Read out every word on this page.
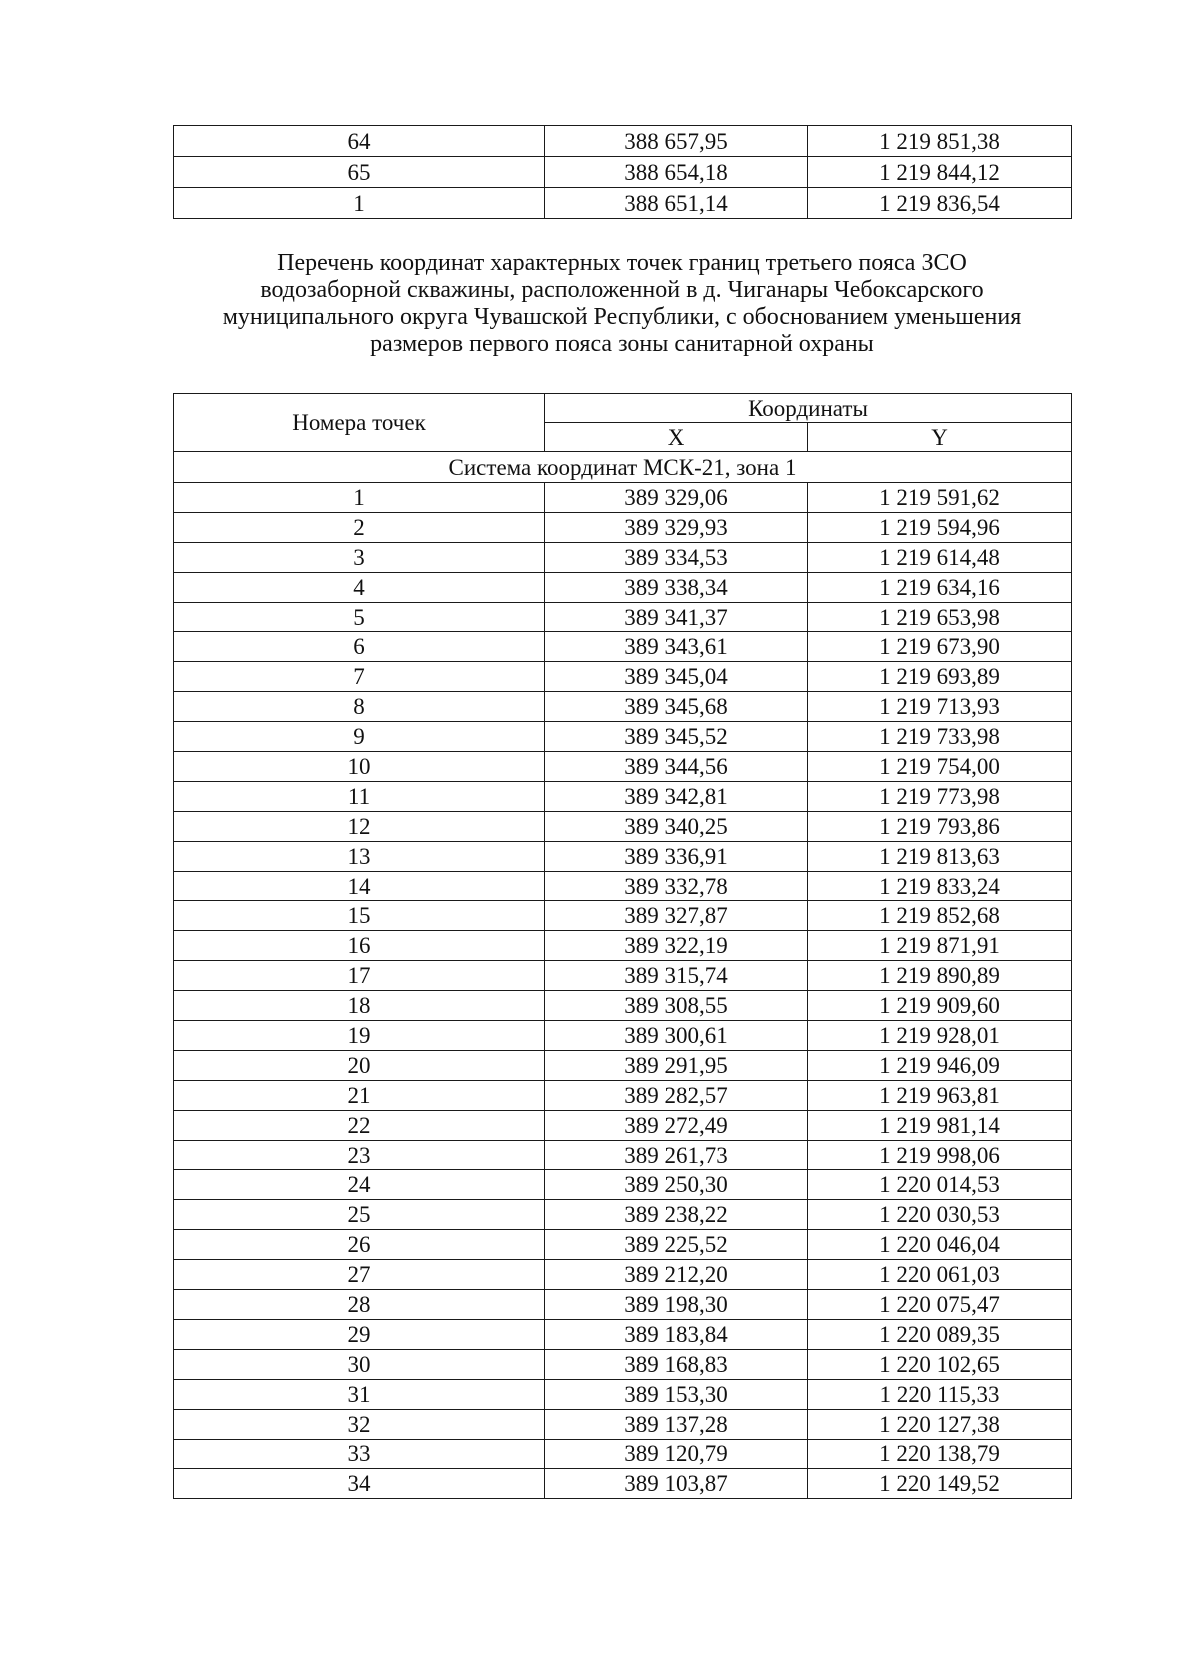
64	388 657,95	1 219 851,38
65	388 654,18	1 219 844,12
1	388 651,14	1 219 836,54
Перечень координат характерных точек границ третьего пояса ЗСО
водозаборной скважины, расположенной в д. Чиганары Чебоксарского
муниципального округа Чувашской Республики, с обоснованием уменьшения
размеров первого пояса зоны санитарной охраны
Номера точек	Координаты	
	X	Y
Система координат МСК-21, зона 1		
1	389 329,06	1 219 591,62
2	389 329,93	1 219 594,96
3	389 334,53	1 219 614,48
4	389 338,34	1 219 634,16
5	389 341,37	1 219 653,98
6	389 343,61	1 219 673,90
7	389 345,04	1 219 693,89
8	389 345,68	1 219 713,93
9	389 345,52	1 219 733,98
10	389 344,56	1 219 754,00
11	389 342,81	1 219 773,98
12	389 340,25	1 219 793,86
13	389 336,91	1 219 813,63
14	389 332,78	1 219 833,24
15	389 327,87	1 219 852,68
16	389 322,19	1 219 871,91
17	389 315,74	1 219 890,89
18	389 308,55	1 219 909,60
19	389 300,61	1 219 928,01
20	389 291,95	1 219 946,09
21	389 282,57	1 219 963,81
22	389 272,49	1 219 981,14
23	389 261,73	1 219 998,06
24	389 250,30	1 220 014,53
25	389 238,22	1 220 030,53
26	389 225,52	1 220 046,04
27	389 212,20	1 220 061,03
28	389 198,30	1 220 075,47
29	389 183,84	1 220 089,35
30	389 168,83	1 220 102,65
31	389 153,30	1 220 115,33
32	389 137,28	1 220 127,38
33	389 120,79	1 220 138,79
34	389 103,87	1 220 149,52
